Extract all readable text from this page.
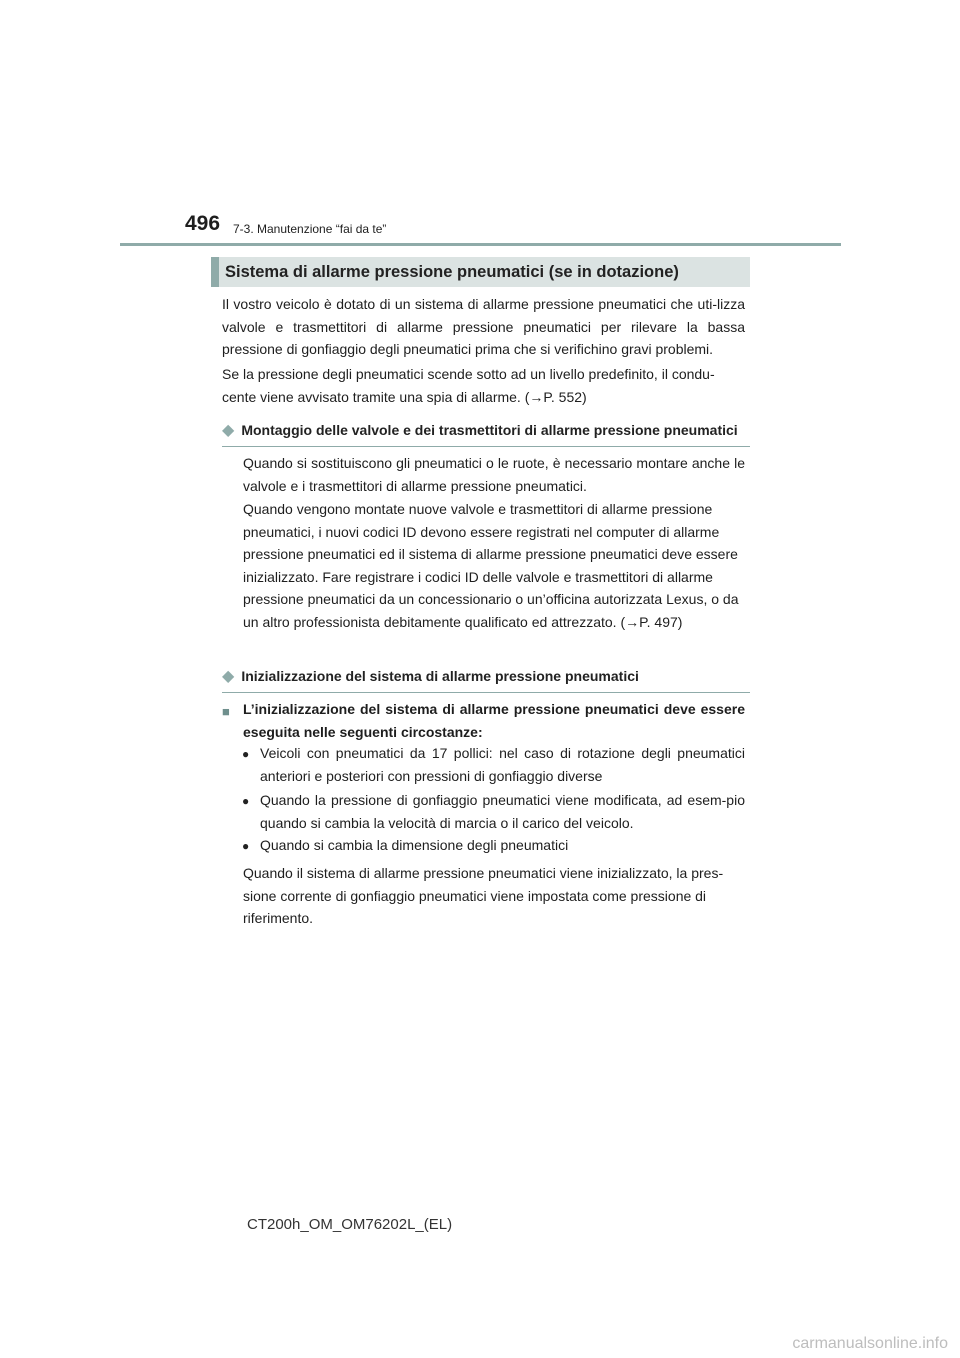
496 7-3. Manutenzione “fai da te”
Sistema di allarme pressione pneumatici (se in dotazione)

Il vostro veicolo è dotato di un sistema di allarme pressione pneumatici che uti-lizza valvole e trasmettitori di allarme pressione pneumatici per rilevare la bassa pressione di gonfiaggio degli pneumatici prima che si verifichino gravi problemi.

Se la pressione degli pneumatici scende sotto ad un livello predefinito, il condu-cente viene avvisato tramite una spia di allarme. (→P. 552)

◆ Montaggio delle valvole e dei trasmettitori di allarme pressione pneumatici

Quando si sostituiscono gli pneumatici o le ruote, è necessario montare anche le valvole e i trasmettitori di allarme pressione pneumatici.

Quando vengono montate nuove valvole e trasmettitori di allarme pressione pneumatici, i nuovi codici ID devono essere registrati nel computer di allarme pressione pneumatici ed il sistema di allarme pressione pneumatici deve essere inizializzato. Fare registrare i codici ID delle valvole e trasmettitori di allarme pressione pneumatici da un concessionario o un’officina autorizzata Lexus, o da un altro professionista debitamente qualificato ed attrezzato. (→P. 497)

◆ Inizializzazione del sistema di allarme pressione pneumatici
■ L’inizializzazione del sistema di allarme pressione pneumatici deve essere eseguita nelle seguenti circostanze:

● Veicoli con pneumatici da 17 pollici: nel caso di rotazione degli pneumatici anteriori e posteriori con pressioni di gonfiaggio diverse

● Quando la pressione di gonfiaggio pneumatici viene modificata, ad esem-pio quando si cambia la velocità di marcia o il carico del veicolo.

● Quando si cambia la dimensione degli pneumatici

Quando il sistema di allarme pressione pneumatici viene inizializzato, la pres-sione corrente di gonfiaggio pneumatici viene impostata come pressione di riferimento.

CT200h_OM_OM76202L_(EL)
carmanualsonline.info
